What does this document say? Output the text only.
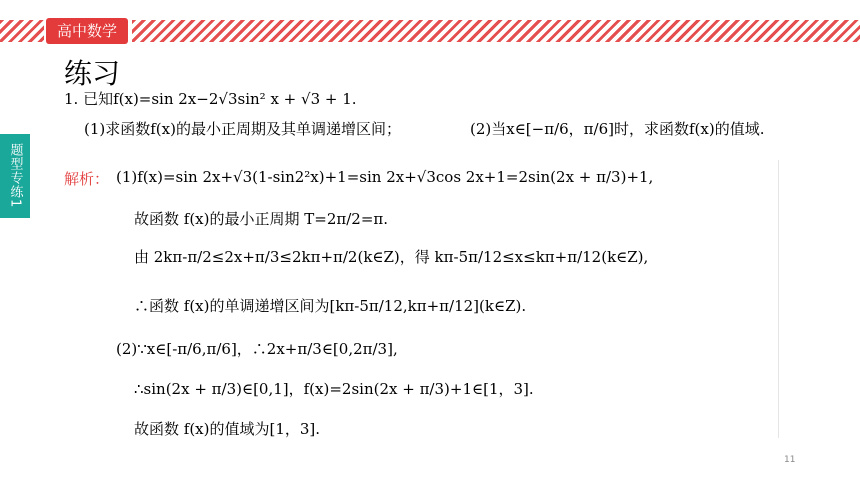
高中数学
题型专练1
练习
1. 已知f(x)=sin 2x−2√3sin² x + √3 + 1.
(1)求函数f(x)的最小正周期及其单调递增区间；	(2)当x∈[−π/6，π/6]时，求函数f(x)的值域.
解析： (1)f(x)=sin 2x+√3(1-sin2²x)+1=sin 2x+√3cos 2x+1=2sin(2x + π/3)+1,
故函数 f(x)的最小正周期 T=2π/2=π.
由 2kπ-π/2≤2x+π/3≤2kπ+π/2(k∈Z)，得 kπ-5π/12≤x≤kπ+π/12(k∈Z),
∴函数 f(x)的单调递增区间为[kπ-5π/12,kπ+π/12](k∈Z).
(2)∵x∈[-π/6,π/6]，∴2x+π/3∈[0,2π/3],
∴sin(2x + π/3)∈[0,1]，f(x)=2sin(2x + π/3)+1∈[1，3].
故函数 f(x)的值域为[1，3].
11
